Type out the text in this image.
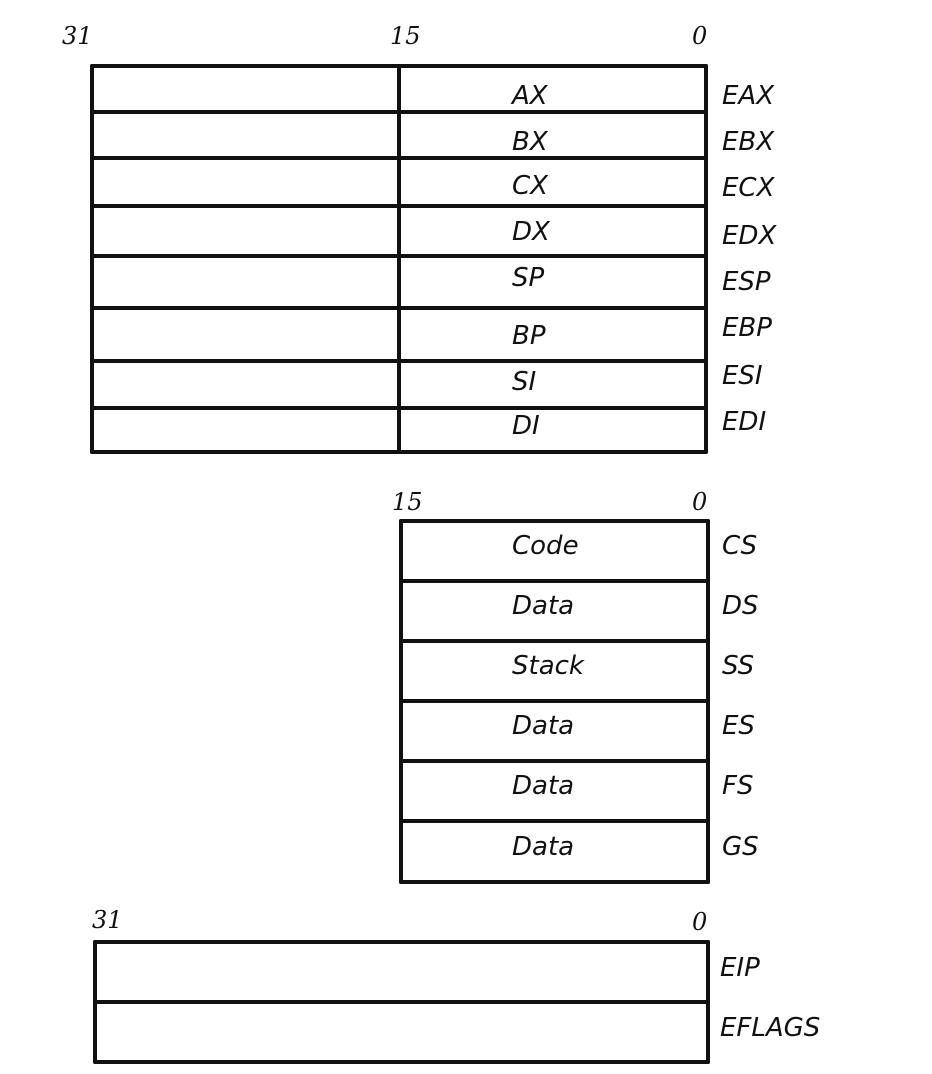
31	15	0
AX	EAX
BX	EBX
CX	ECX
DX	EDX
SP	ESP
BP	EBP
SI	ESI
DI	EDI
15	0
Code	CS
Data	DS
Stack	SS
Data	ES
Data	FS
Data	GS
31	0
EIP
EFLAGS
